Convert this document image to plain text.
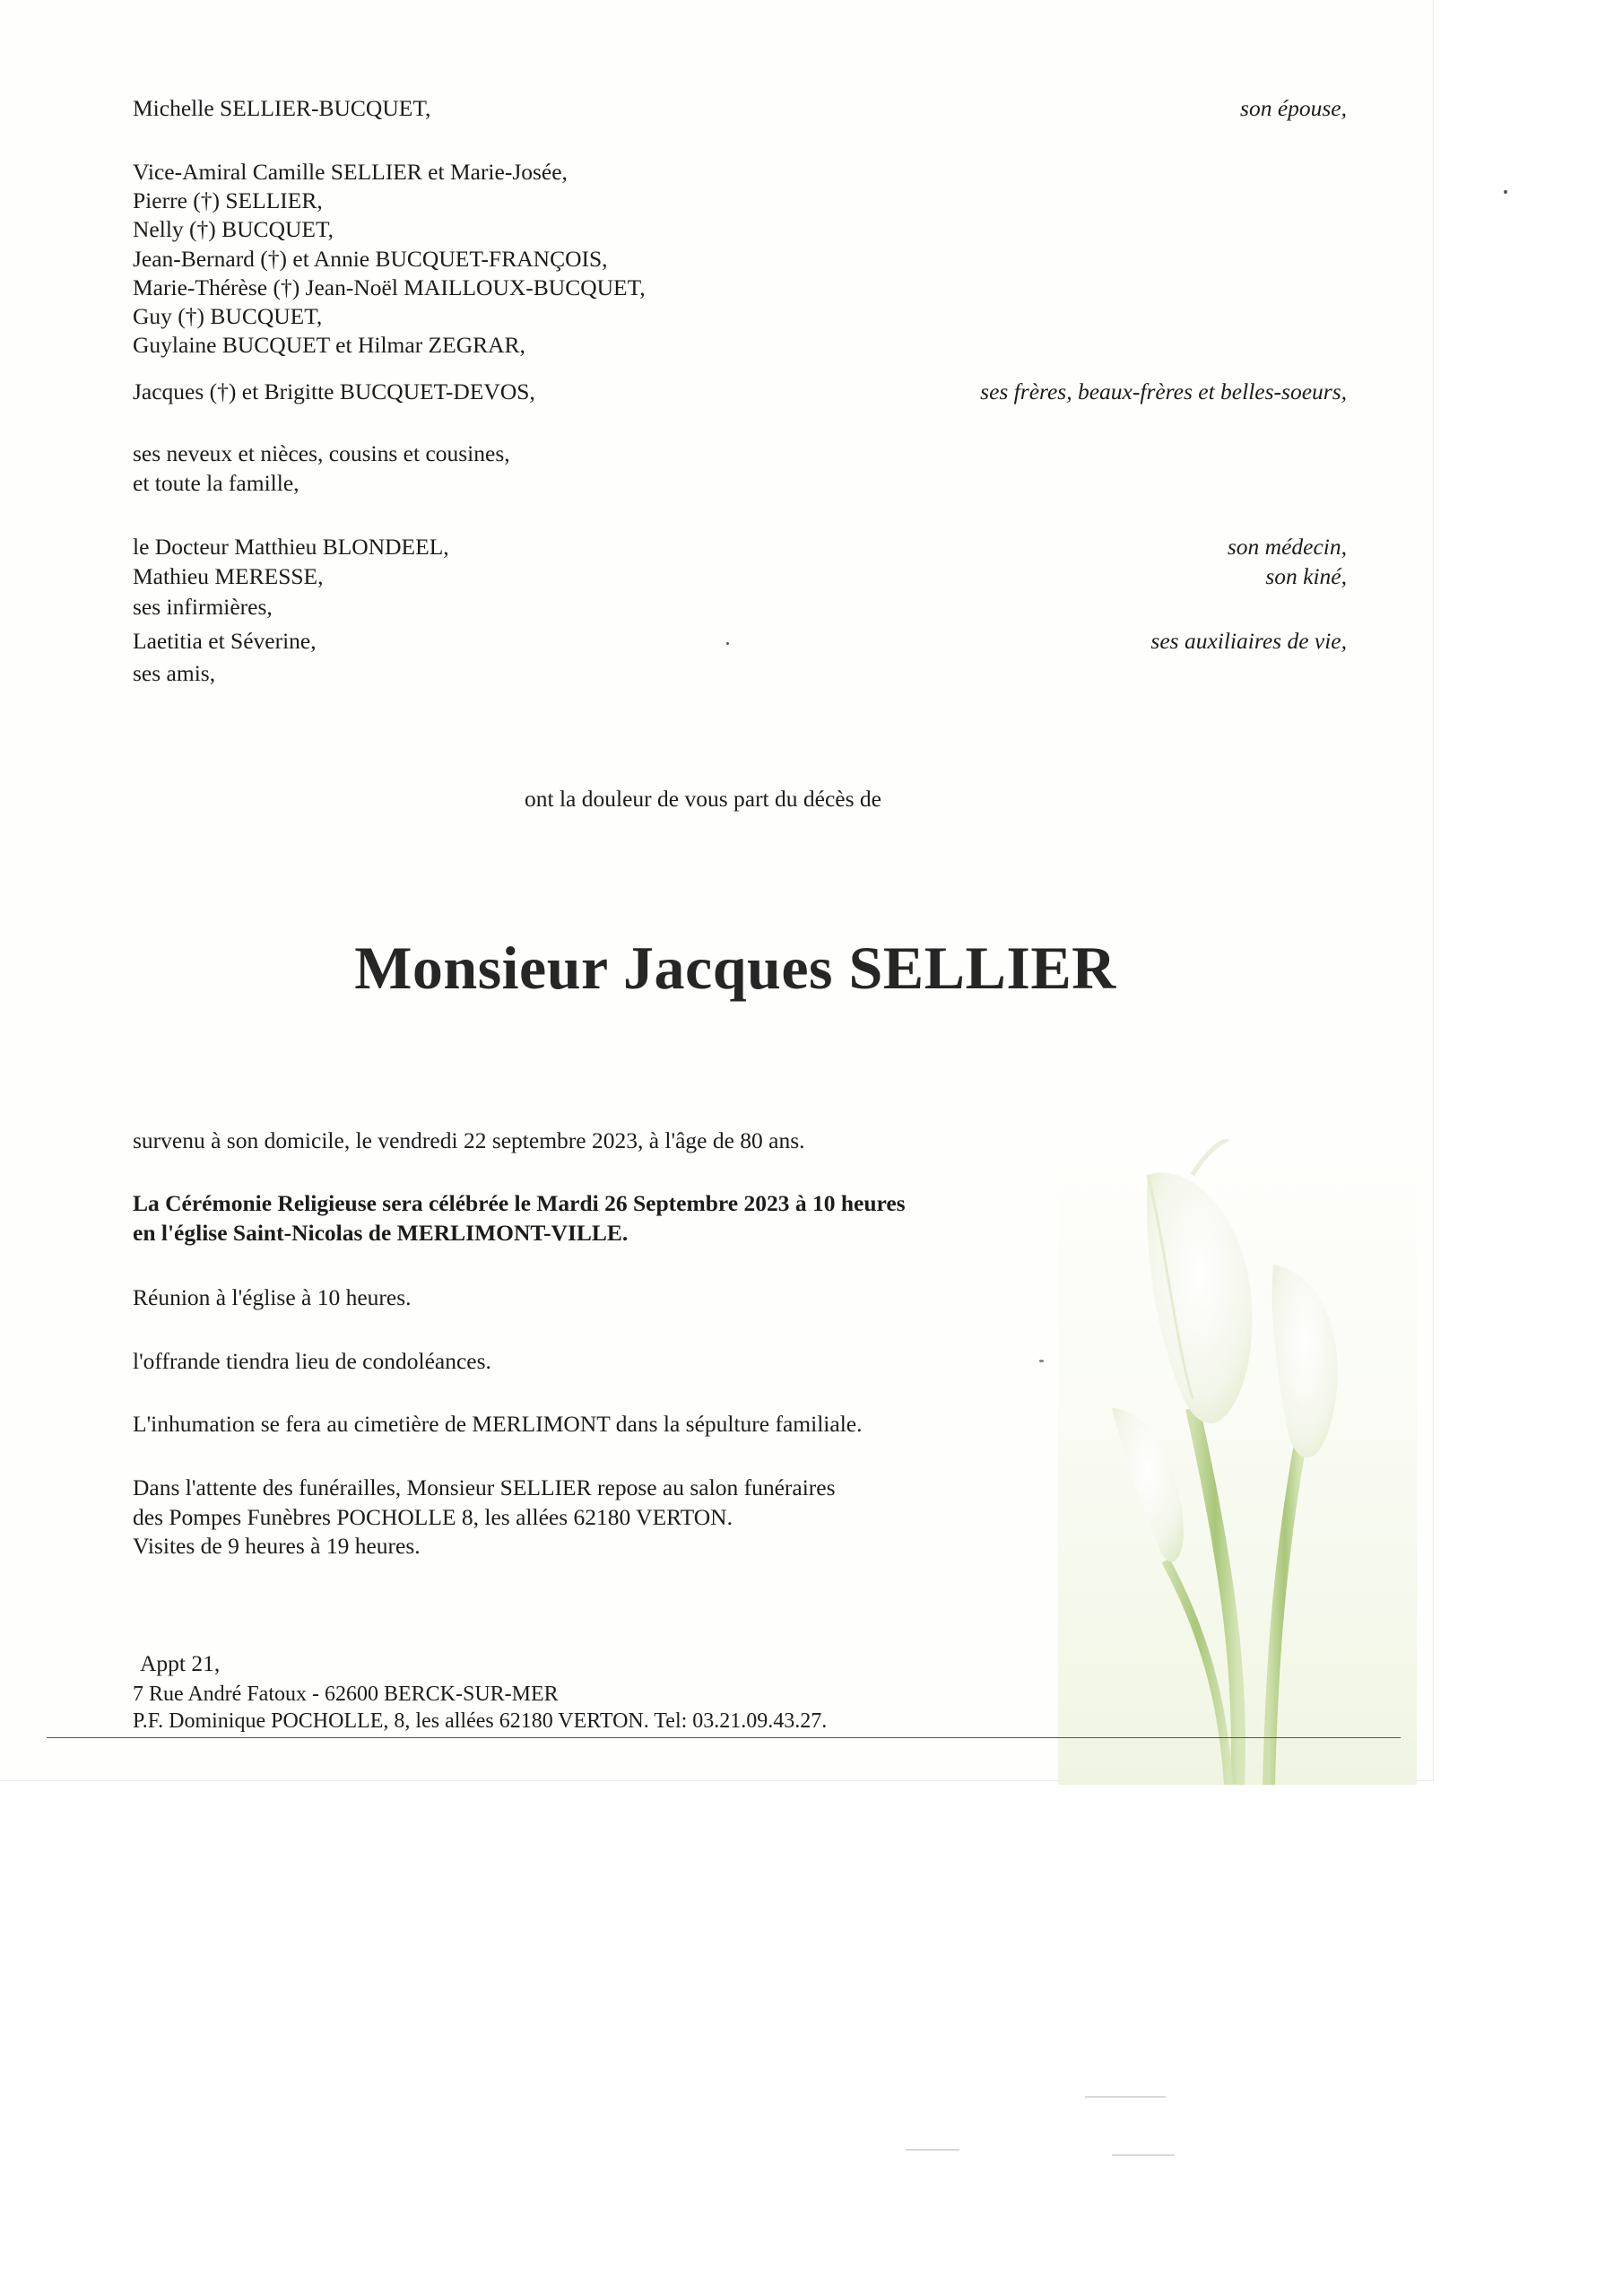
Michelle SELLIER-BUCQUET,	son épouse,
Vice-Amiral Camille SELLIER et Marie-Josée,
Pierre (†) SELLIER,
Nelly (†) BUCQUET,
Jean-Bernard (†) et Annie BUCQUET-FRANÇOIS,
Marie-Thérèse (†) Jean-Noël MAILLOUX-BUCQUET,
Guy (†) BUCQUET,
Guylaine BUCQUET et Hilmar ZEGRAR,
Jacques (†) et Brigitte BUCQUET-DEVOS,	ses frères, beaux-frères et belles-soeurs,
ses neveux et nièces, cousins et cousines,
et toute la famille,
le Docteur Matthieu BLONDEEL,	son médecin,
Mathieu MERESSE,	son kiné,
ses infirmières,
Laetitia et Séverine,	ses auxiliaires de vie,
ses amis,
ont la douleur de vous part du décès de
Monsieur Jacques SELLIER
survenu à son domicile, le vendredi 22 septembre 2023, à l'âge de 80 ans.
La Cérémonie Religieuse sera célébrée le Mardi 26 Septembre 2023 à 10 heures
en l'église Saint-Nicolas de MERLIMONT-VILLE.
Réunion à l'église à 10 heures.
l'offrande tiendra lieu de condoléances.
L'inhumation se fera au cimetière de MERLIMONT dans la sépulture familiale.
Dans l'attente des funérailles, Monsieur SELLIER repose au salon funéraires
des Pompes Funèbres POCHOLLE 8, les allées 62180 VERTON.
Visites de 9 heures à 19 heures.
Appt 21,
7 Rue André Fatoux - 62600 BERCK-SUR-MER
P.F. Dominique POCHOLLE, 8, les allées 62180 VERTON. Tel: 03.21.09.43.27.
